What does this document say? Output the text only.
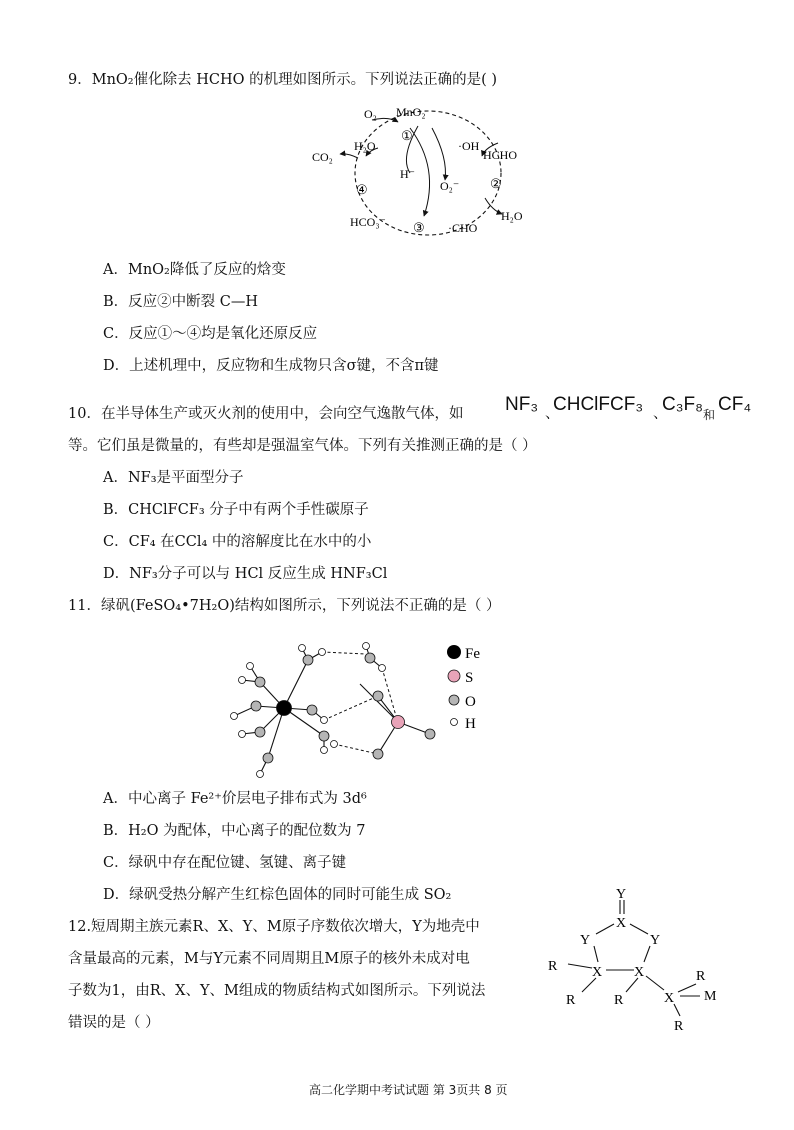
9．MnO₂催化除去 HCHO 的机理如图所示。下列说法正确的是( )
O₂ MnO₂
①
H₂O	·OH
HCHO
CO₂
H⁻
O₂⁻ ②
④
H₂O
HCO₃⁻ ③ ·CHO
A．MnO₂降低了反应的焓变
B．反应②中断裂 C—H
C．反应①～④均是氧化还原反应
D．上述机理中，反应物和生成物只含σ键，不含π键
10．在半导体生产或灭火剂的使用中，会向空气逸散气体，如 NF₃ 、
CHClFCF₃ 、
C₃F₈ 和 CF₄
等。它们虽是微量的，有些却是强温室气体。下列有关推测正确的是（ ）
A．NF₃是平面型分子
B．CHClFCF₃ 分子中有两个手性碳原子
C．CF₄ 在CCl₄ 中的溶解度比在水中的小
D．NF₃分子可以与 HCl 反应生成 HNF₃Cl
11．绿矾(FeSO₄•7H₂O)结构如图所示，下列说法不正确的是（ ）
Fe
S
O
H
A．中心离子 Fe²⁺价层电子排布式为 3d⁶
B．H₂O 为配体，中心离子的配位数为 7
C．绿矾中存在配位键、氢键、离子键
D．绿矾受热分解产生红棕色固体的同时可能生成 SO₂
12.短周期主族元素R、X、Y、M原子序数依次增大，Y为地壳中
含量最高的元素，M与Y元素不同周期且M原子的核外未成对电
子数为1，由R、X、Y、M组成的物质结构式如图所示。下列说法
错误的是（ ）
Y
X
Y	Y
R X X	R
M
R	R	X
R
高二化学期中考试试题 第 3页共 8 页
